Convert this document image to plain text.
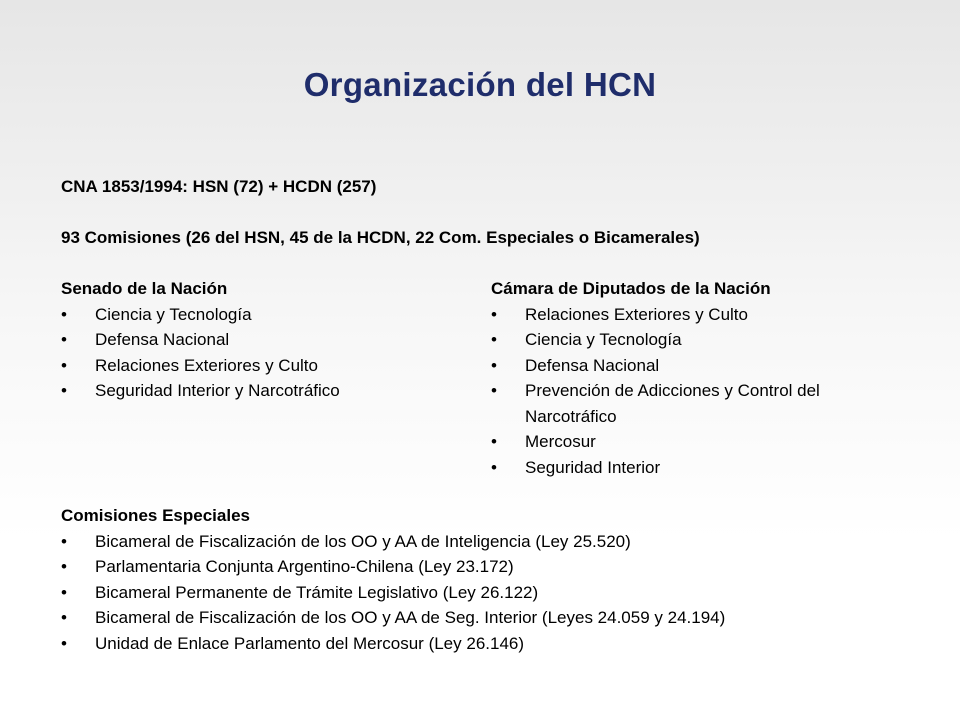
Organización del HCN
CNA 1853/1994: HSN (72) + HCDN (257)
93 Comisiones (26 del HSN, 45 de la HCDN, 22 Com. Especiales o Bicamerales)
Senado de la Nación
• Ciencia y Tecnología
• Defensa Nacional
• Relaciones Exteriores y Culto
• Seguridad Interior y Narcotráfico
Cámara de Diputados de la Nación
• Relaciones Exteriores y Culto
• Ciencia y Tecnología
• Defensa Nacional
• Prevención de Adicciones y Control del Narcotráfico
• Mercosur
• Seguridad Interior
Comisiones Especiales
• Bicameral de Fiscalización de los OO y AA de Inteligencia (Ley 25.520)
• Parlamentaria Conjunta Argentino-Chilena (Ley 23.172)
• Bicameral Permanente de Trámite Legislativo (Ley 26.122)
• Bicameral de Fiscalización de los OO y AA de Seg. Interior (Leyes 24.059 y 24.194)
• Unidad de Enlace Parlamento del Mercosur (Ley 26.146)
